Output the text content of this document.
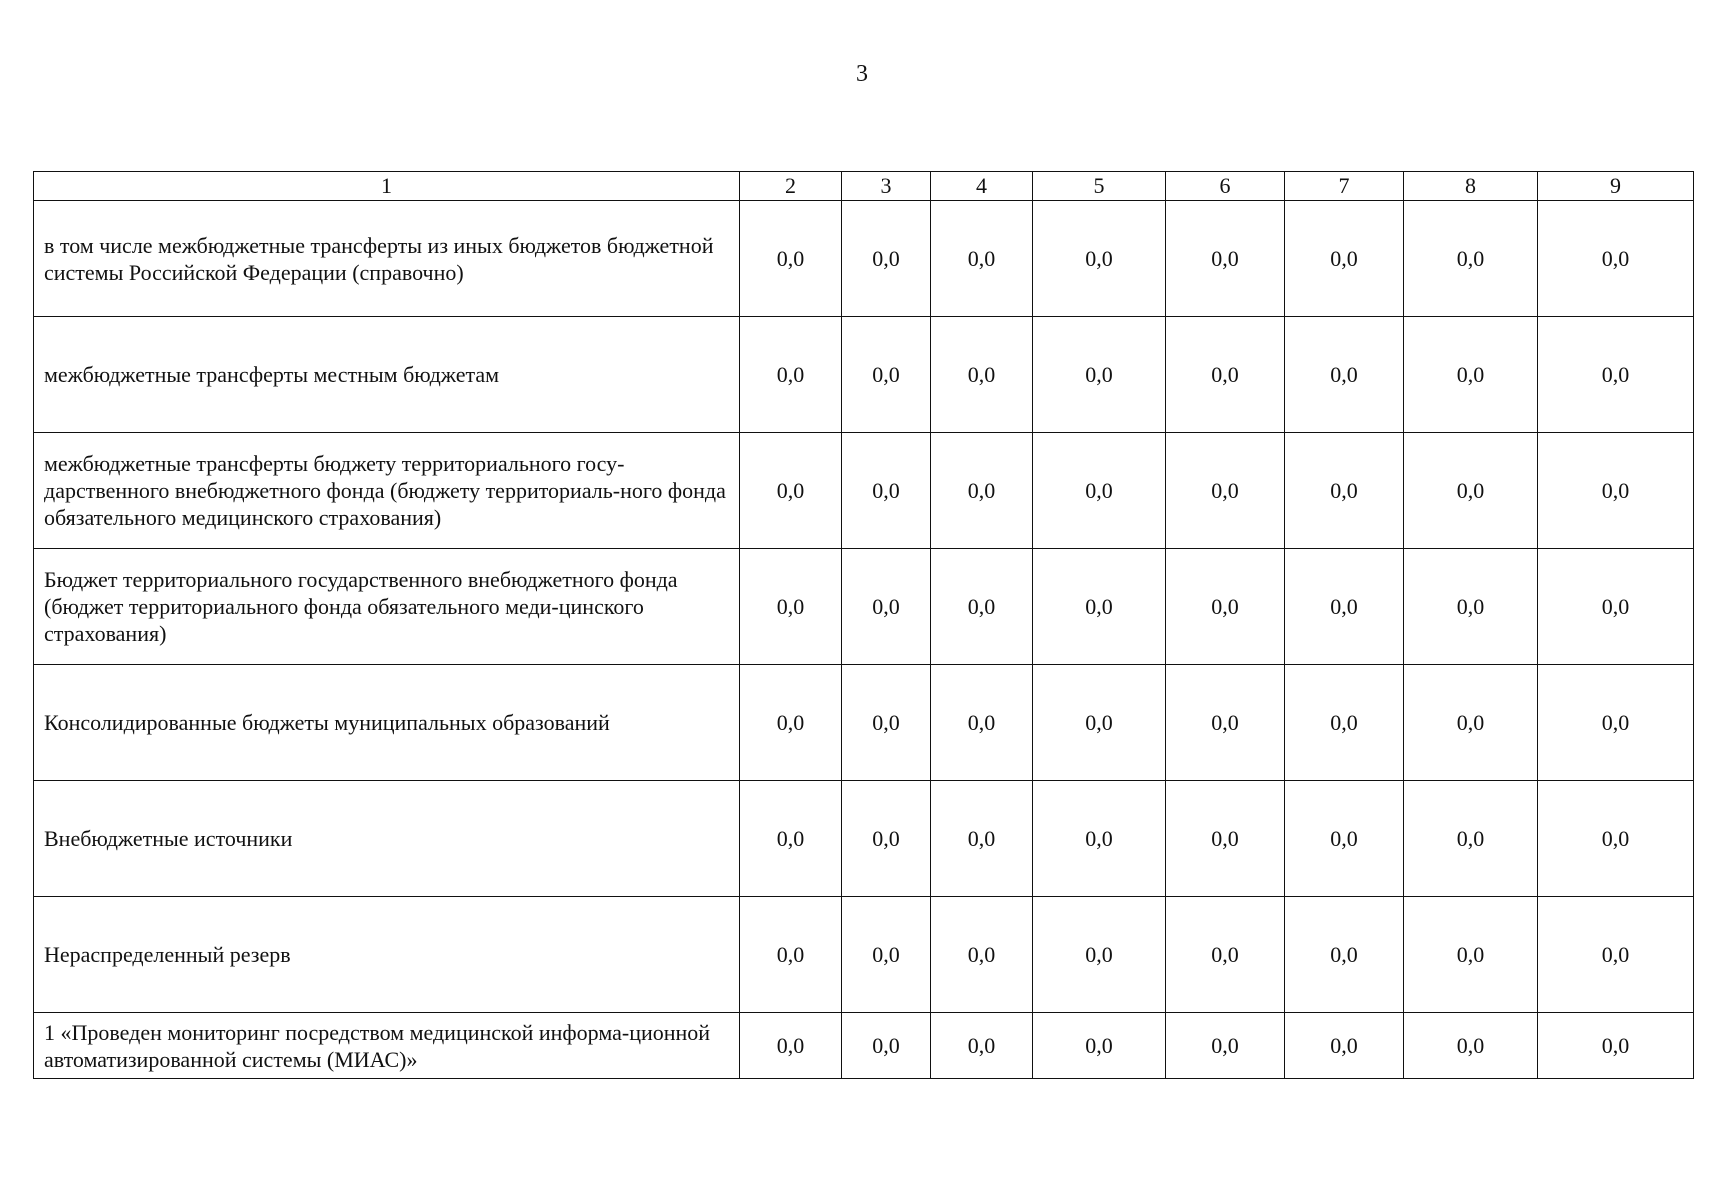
3
1	2	3	4	5	6	7	8	9
в том числе межбюджетные трансферты из иных бюджетов бюджетной системы Российской Федерации (справочно)	0,0	0,0	0,0	0,0	0,0	0,0	0,0	0,0
межбюджетные трансферты местным бюджетам	0,0	0,0	0,0	0,0	0,0	0,0	0,0	0,0
межбюджетные трансферты бюджету территориального госу-дарственного внебюджетного фонда (бюджету территориаль-ного фонда обязательного медицинского страхования)	0,0	0,0	0,0	0,0	0,0	0,0	0,0	0,0
Бюджет территориального государственного внебюджетного фонда (бюджет территориального фонда обязательного меди-цинского страхования)	0,0	0,0	0,0	0,0	0,0	0,0	0,0	0,0
Консолидированные бюджеты муниципальных образований	0,0	0,0	0,0	0,0	0,0	0,0	0,0	0,0
Внебюджетные источники	0,0	0,0	0,0	0,0	0,0	0,0	0,0	0,0
Нераспределенный резерв	0,0	0,0	0,0	0,0	0,0	0,0	0,0	0,0
1 «Проведен мониторинг посредством медицинской информа-ционной автоматизированной системы (МИАС)»	0,0	0,0	0,0	0,0	0,0	0,0	0,0	0,0
